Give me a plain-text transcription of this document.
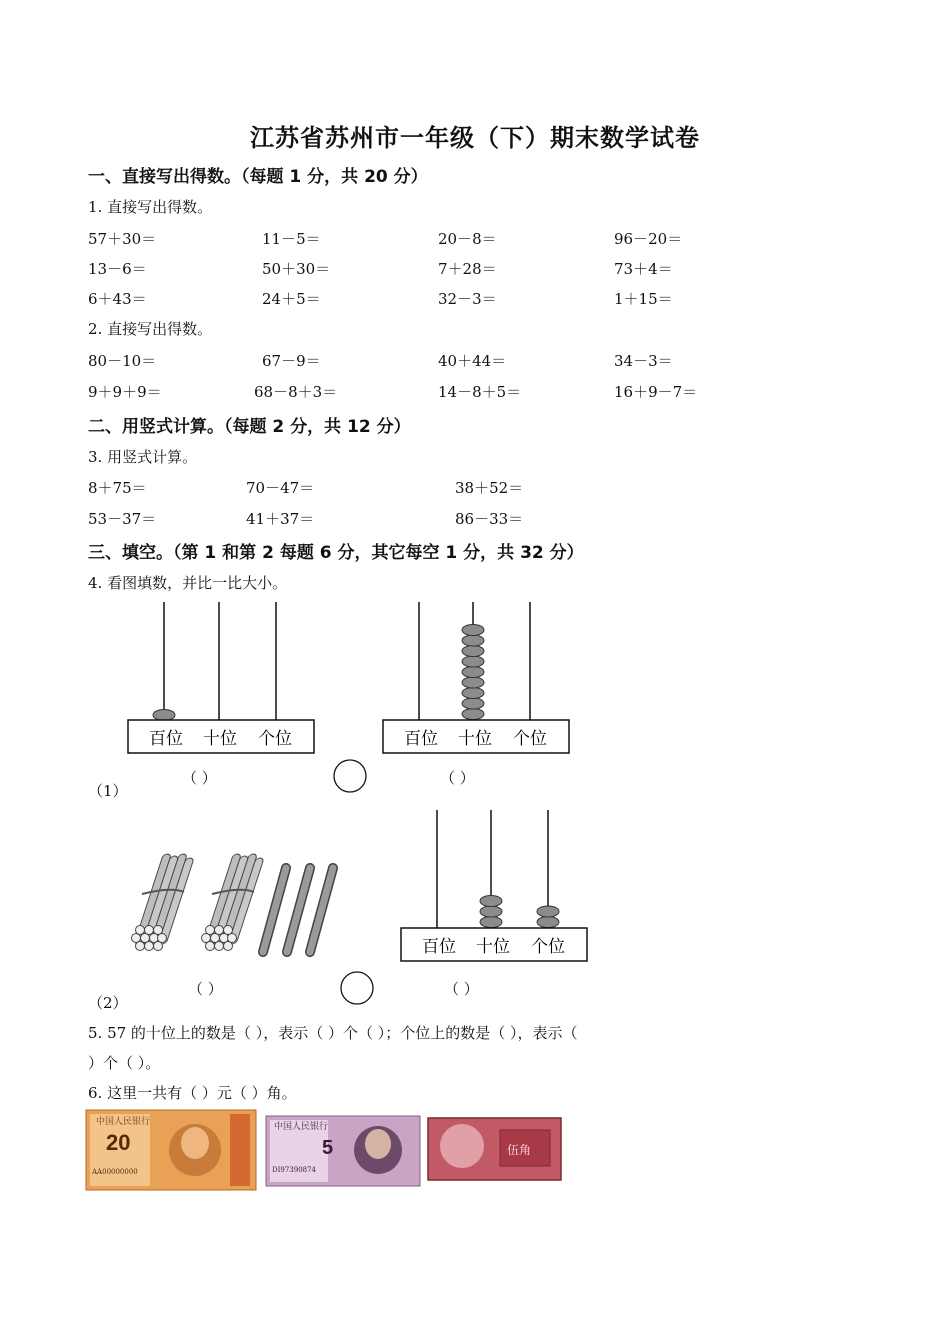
江苏省苏州市一年级（下）期末数学试卷
一、直接写出得数。（每题 1 分，共 20 分）
1. 直接写出得数。
57＋30＝	11－5＝	20－8＝	96－20＝
13－6＝	50＋30＝	7＋28＝	73＋4＝
6＋43＝	24＋5＝	32－3＝	1＋15＝
2. 直接写出得数。
80－10＝	67－9＝	40＋44＝	34－3＝
9＋9＋9＝	68－8＋3＝	14－8＋5＝	16＋9－7＝
二、用竖式计算。（每题 2 分，共 12 分）
3. 用竖式计算。
8＋75＝	70－47＝	38＋52＝
53－37＝	41＋37＝	86－33＝
三、填空。（第 1 和第 2 每题 6 分，其它每空 1 分，共 32 分）
4. 看图填数，并比一比大小。
百位 十位 个位	百位 十位 个位
百位 十位 个位
中国人民银行
20
AA00000000
中国人民银行
5
DI97390874
伍角
（ ）	（ ）
（1）
（ ）	（ ）
（2）
5. 57 的十位上的数是（ ），表示（ ）个（ ）；个位上的数是（ ），表示（
）个（ ）。
6. 这里一共有（ ）元（ ）角。
